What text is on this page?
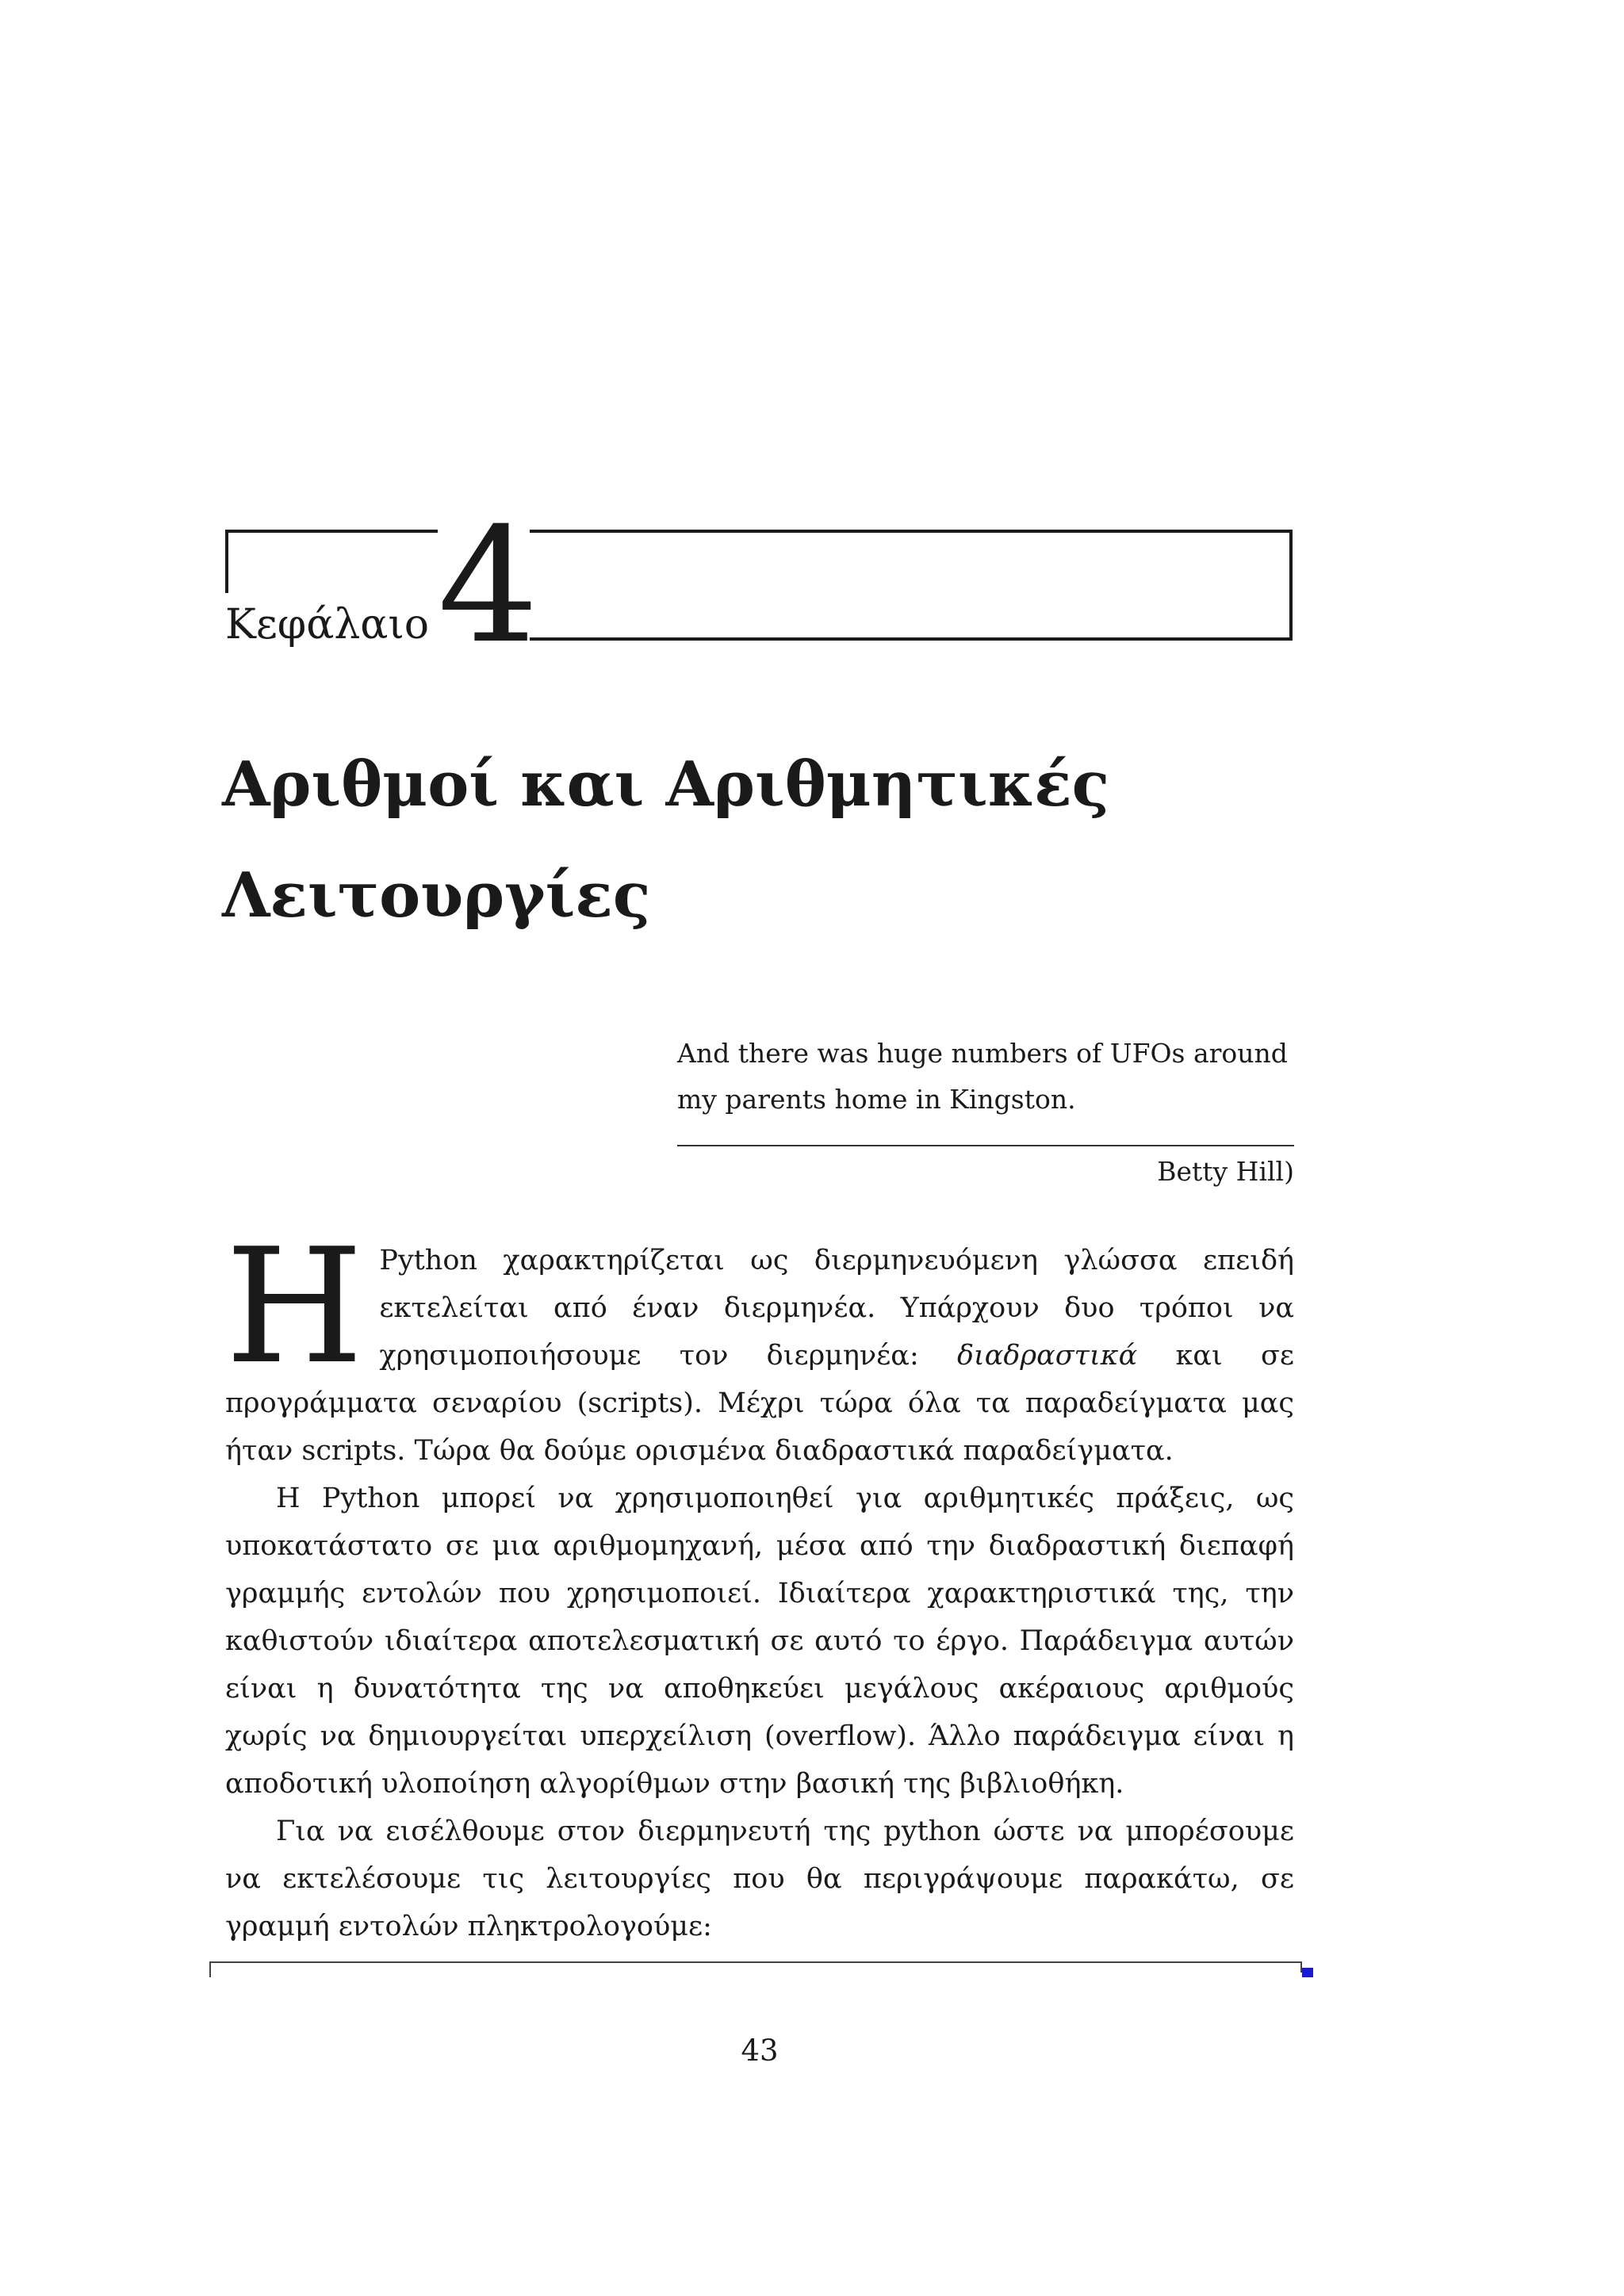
Κεφάλαιο 4
Αριθμοί και Αριθμητικές
Λειτουργίες
And there was huge numbers of UFOs around my parents home in Kingston.
Betty Hill)

Η Python χαρακτηρίζεται ως διερμηνευόμενη γλώσσα επειδή εκτελείται από έναν διερμηνέα. Υπάρχουν δυο τρόποι να χρησιμοποιήσουμε τον διερμηνέα: διαδραστικά και σε προγράμματα σεναρίου (scripts). Μέχρι τώρα όλα τα παραδείγματα μας ήταν scripts. Τώρα θα δούμε ορισμένα διαδραστικά παραδείγματα.

Η Python μπορεί να χρησιμοποιηθεί για αριθμητικές πράξεις, ως υποκατάστατο σε μια αριθμομηχανή, μέσα από την διαδραστική διεπαφή γραμμής εντολών που χρησιμοποιεί. Ιδιαίτερα χαρακτηριστικά της, την καθιστούν ιδιαίτερα αποτελεσματική σε αυτό το έργο. Παράδειγμα αυτών είναι η δυνατότητα της να αποθηκεύει μεγάλους ακέραιους αριθμούς χωρίς να δημιουργείται υπερχείλιση (overflow). Άλλο παράδειγμα είναι η αποδοτική υλοποίηση αλγορίθμων στην βασική της βιβλιοθήκη.

Για να εισέλθουμε στον διερμηνευτή της python ώστε να μπορέσουμε να εκτελέσουμε τις λειτουργίες που θα περιγράψουμε παρακάτω, σε γραμμή εντολών πληκτρολογούμε:

43
